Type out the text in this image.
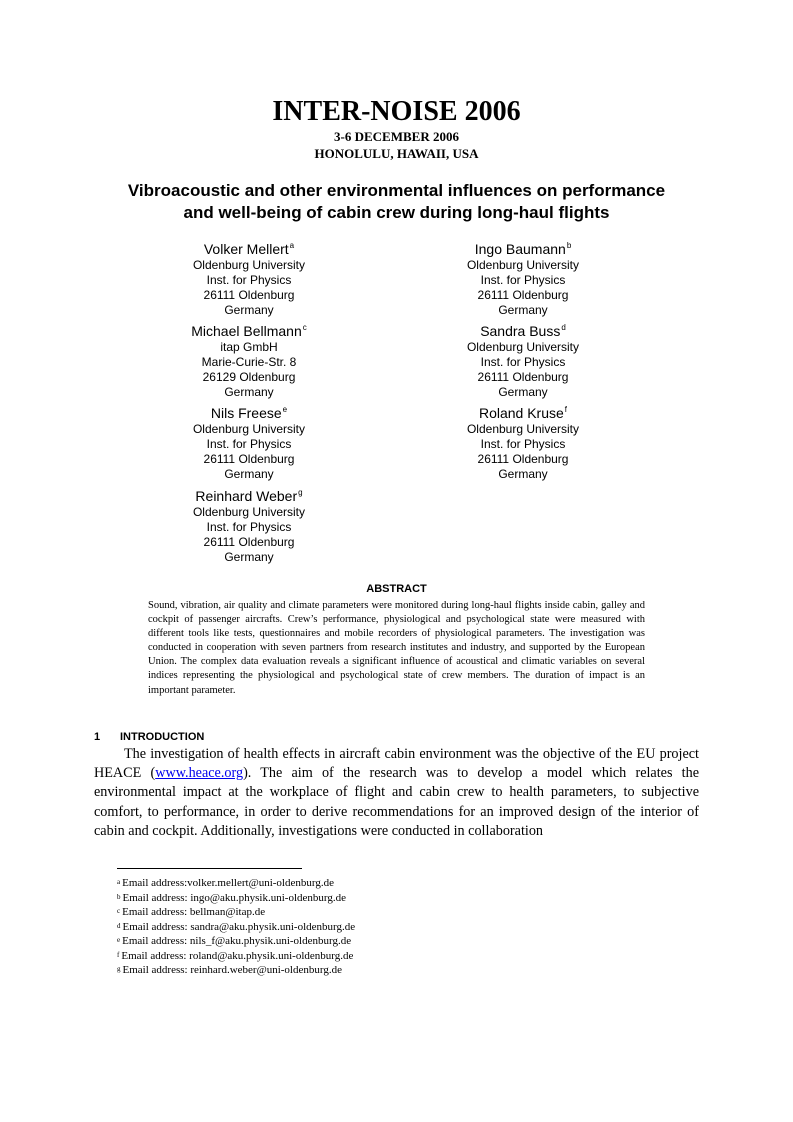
INTER-NOISE 2006
3-6 DECEMBER 2006
HONOLULU, HAWAII, USA
Vibroacoustic and other environmental influences on performance
and well-being of cabin crew during long-haul flights
Volker Mellert$^a$
Oldenburg University
Inst. for Physics
26111 Oldenburg
Germany
Ingo Baumann$^b$
Oldenburg University
Inst. for Physics
26111 Oldenburg
Germany
Michael Bellmann$^c$
itap GmbH
Marie-Curie-Str. 8
26129 Oldenburg
Germany
Sandra Buss$^d$
Oldenburg University
Inst. for Physics
26111 Oldenburg
Germany
Nils Freese$^e$
Oldenburg University
Inst. for Physics
26111 Oldenburg
Germany
Roland Kruse$^f$
Oldenburg University
Inst. for Physics
26111 Oldenburg
Germany
Reinhard Weber$^g$
Oldenburg University
Inst. for Physics
26111 Oldenburg
Germany
ABSTRACT
Sound, vibration, air quality and climate parameters were monitored during long-haul flights inside cabin, galley and cockpit of passenger aircrafts. Crew’s performance, physiological and psychological state were measured with different tools like tests, questionnaires and mobile recorders of physiological parameters. The investigation was conducted in cooperation with seven partners from research institutes and industry, and supported by the European Union. The complex data evaluation reveals a significant influence of acoustical and climatic variables on several indices representing the physiological and psychological state of crew members. The duration of impact is an important parameter.
1 INTRODUCTION
The investigation of health effects in aircraft cabin environment was the objective of the EU project HEACE (www.heace.org). The aim of the research was to develop a model which relates the environmental impact at the workplace of flight and cabin crew to health parameters, to subjective comfort, to performance, in order to derive recommendations for an improved design of the interior of cabin and cockpit. Additionally, investigations were conducted in collaboration
$^a$ Email address:volker.mellert@uni-oldenburg.de
$^b$ Email address: ingo@aku.physik.uni-oldenburg.de
$^c$ Email address: bellman@itap.de
$^d$ Email address: sandra@aku.physik.uni-oldenburg.de
$^e$ Email address: nils_f@aku.physik.uni-oldenburg.de
$^f$ Email address: roland@aku.physik.uni-oldenburg.de
$^g$ Email address: reinhard.weber@uni-oldenburg.de
